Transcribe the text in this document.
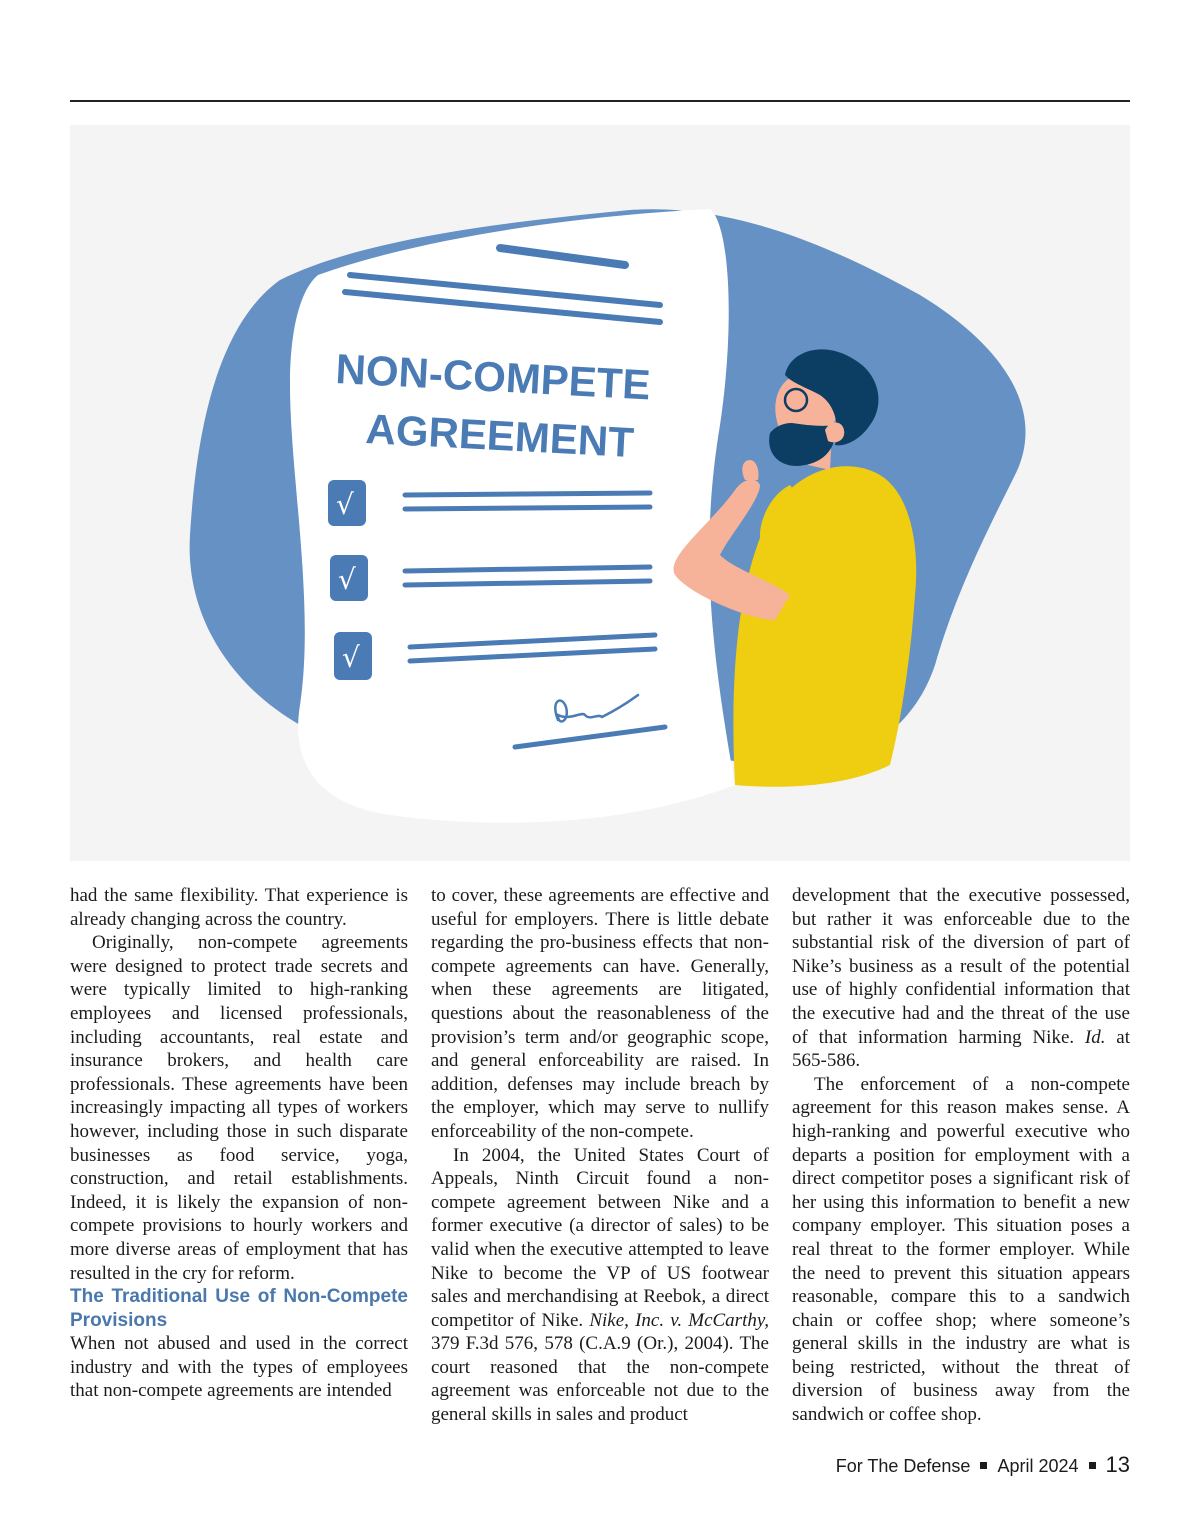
NON-COMPETE
AGREEMENT
√
√
√

had the same flexibility. That experience is already changing across the country.

Originally, non-compete agreements were designed to protect trade secrets and were typically limited to high-ranking employees and licensed professionals, including accountants, real estate and insurance brokers, and health care professionals. These agreements have been increasingly impacting all types of workers however, including those in such disparate businesses as food service, yoga, construction, and retail establishments. Indeed, it is likely the expansion of non-compete provisions to hourly workers and more diverse areas of employment that has resulted in the cry for reform.

The Traditional Use of Non-Compete Provisions

When not abused and used in the correct industry and with the types of employees that non-compete agreements are intended

to cover, these agreements are effective and useful for employers. There is little debate regarding the pro-business effects that non-compete agreements can have. Generally, when these agreements are litigated, questions about the reasonableness of the provision’s term and/or geographic scope, and general enforceability are raised. In addition, defenses may include breach by the employer, which may serve to nullify enforceability of the non-compete.

In 2004, the United States Court of Appeals, Ninth Circuit found a non-compete agreement between Nike and a former executive (a director of sales) to be valid when the executive attempted to leave Nike to become the VP of US footwear sales and merchandising at Reebok, a direct competitor of Nike. Nike, Inc. v. McCarthy, 379 F.3d 576, 578 (C.A.9 (Or.), 2004). The court reasoned that the non-compete agreement was enforceable not due to the general skills in sales and product

development that the executive possessed, but rather it was enforceable due to the substantial risk of the diversion of part of Nike’s business as a result of the potential use of highly confidential information that the executive had and the threat of the use of that information harming Nike. Id. at 565-586.

The enforcement of a non-compete agreement for this reason makes sense. A high-ranking and powerful executive who departs a position for employment with a direct competitor poses a significant risk of her using this information to benefit a new company employer. This situation poses a real threat to the former employer. While the need to prevent this situation appears reasonable, compare this to a sandwich chain or coffee shop; where someone’s general skills in the industry are what is being restricted, without the threat of diversion of business away from the sandwich or coffee shop.

For The Defense April 2024 13
